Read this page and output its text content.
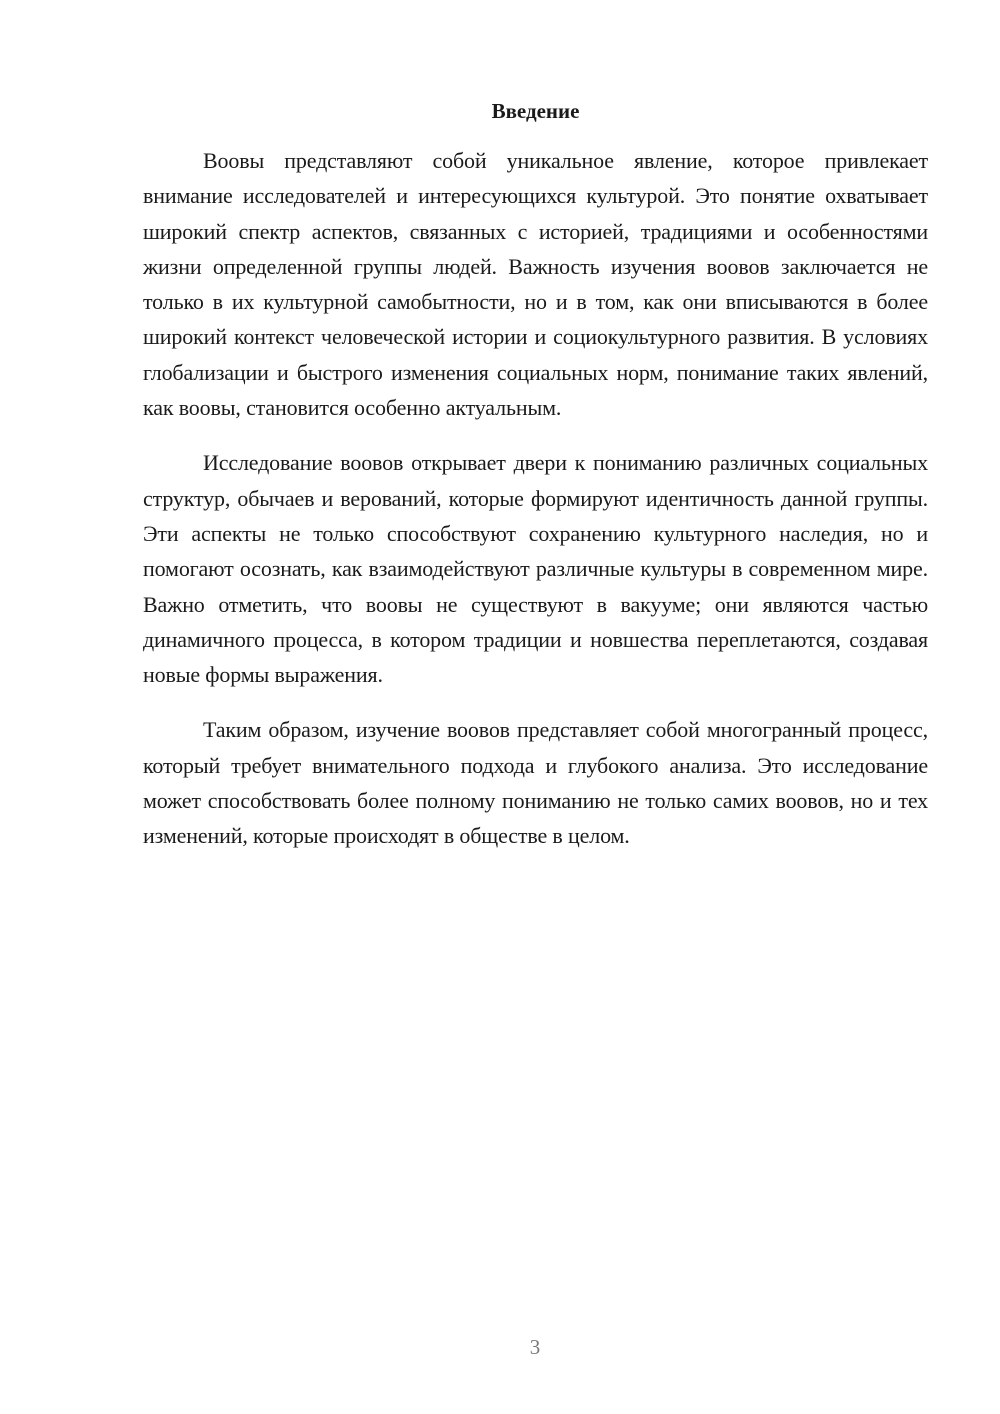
Введение

Воовы представляют собой уникальное явление, которое привлекает внимание исследователей и интересующихся культурой. Это понятие охватывает широкий спектр аспектов, связанных с историей, традициями и особенностями жизни определенной группы людей. Важность изучения воовов заключается не только в их культурной самобытности, но и в том, как они вписываются в более широкий контекст человеческой истории и социокультурного развития. В условиях глобализации и быстрого изменения социальных норм, понимание таких явлений, как воовы, становится особенно актуальным.

Исследование воовов открывает двери к пониманию различных социальных структур, обычаев и верований, которые формируют идентичность данной группы. Эти аспекты не только способствуют сохранению культурного наследия, но и помогают осознать, как взаимодействуют различные культуры в современном мире. Важно отметить, что воовы не существуют в вакууме; они являются частью динамичного процесса, в котором традиции и новшества переплетаются, создавая новые формы выражения.

Таким образом, изучение воовов представляет собой многогранный процесс, который требует внимательного подхода и глубокого анализа. Это исследование может способствовать более полному пониманию не только самих воовов, но и тех изменений, которые происходят в обществе в целом.

3
